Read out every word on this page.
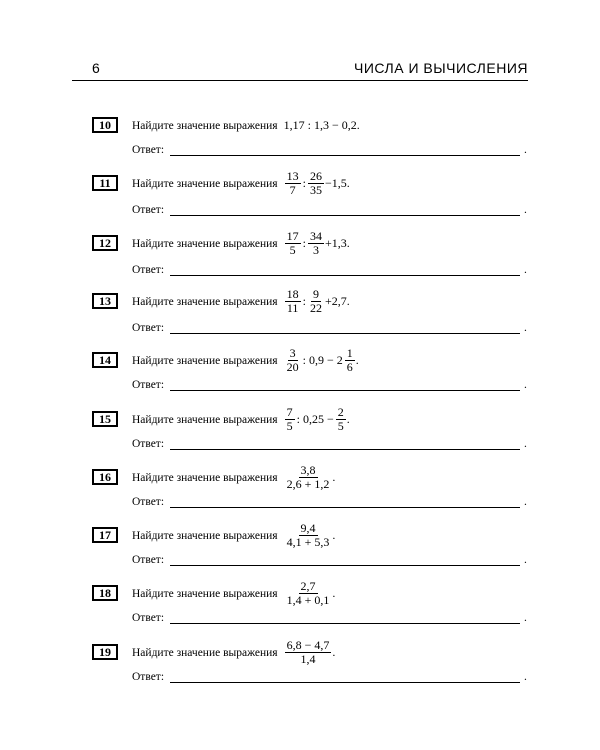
6	ЧИСЛА И ВЫЧИСЛЕНИЯ
10	Найдите значение выражения 1,17 : 1,3 − 0,2.
Ответ:	.
11	Найдите значение выражения $\frac{13}{7}$ : $\frac{26}{35} -1,5$.
Ответ:	.
12	Найдите значение выражения $\frac{17}{5}$ : $\frac{34}{3} +1,3$.
Ответ:	.
13	Найдите значение выражения $\frac{18}{11}$ : $\frac{9}{22} +2,7$.
Ответ:	.
14	Найдите значение выражения $\frac{3}{20}$ : $0,9 - 2 \frac{1}{6}$ .
Ответ:	.
15	Найдите значение выражения $\frac{7}{5}$ : $0,25 - \frac{2}{5}$ .
Ответ:	.
16	Найдите значение выражения $\frac{3,8}{2,6 + 1,2}$ .
Ответ:	.
17	Найдите значение выражения $\frac{9,4}{4,1 + 5,3}$ .
Ответ:	.
18	Найдите значение выражения $\frac{2,7}{1,4 + 0,1}$ .
Ответ:	.
19	Найдите значение выражения $\frac{6,8 - 4,7}{1,4}$ .
Ответ:	.
